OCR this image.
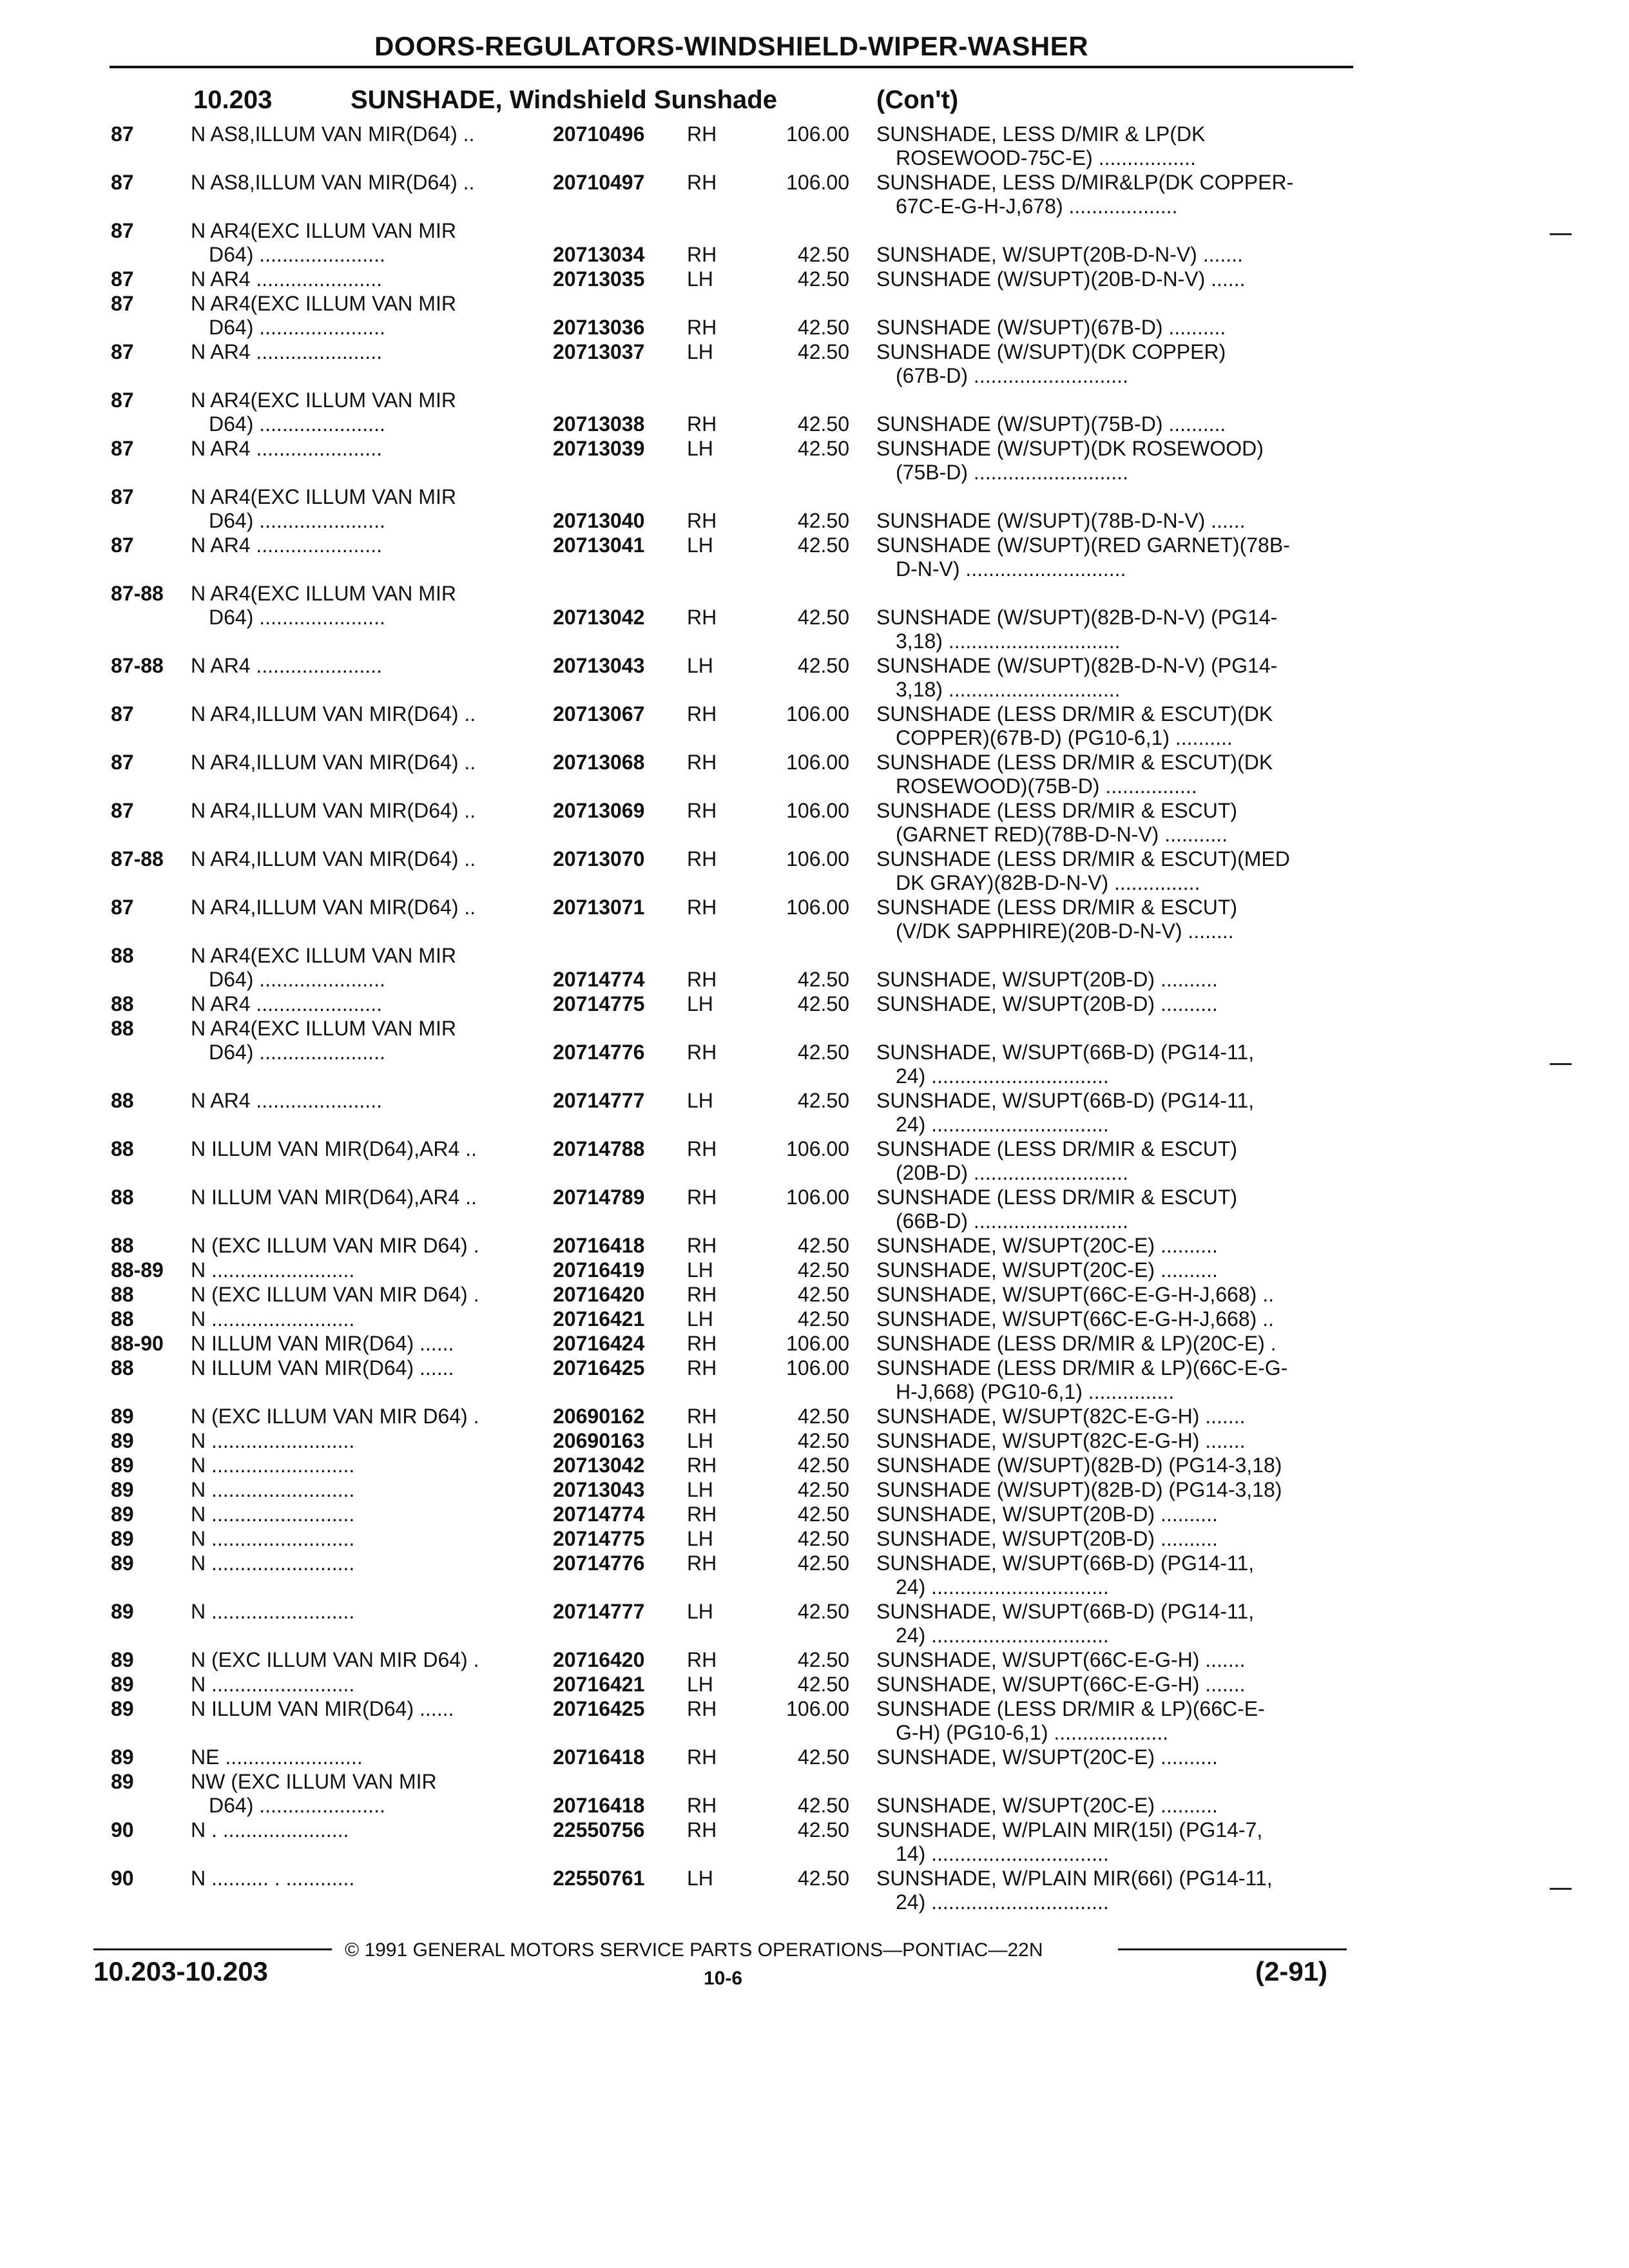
DOORS-REGULATORS-WINDSHIELD-WIPER-WASHER
10.203	SUNSHADE, Windshield Sunshade	(Con't)
87	N AS8,ILLUM VAN MIR(D64) ..	20710496 RH	106.00 SUNSHADE, LESS D/MIR & LP(DK
ROSEWOOD-75C-E) .................
87	N AS8,ILLUM VAN MIR(D64) ..	20710497 RH	106.00 SUNSHADE, LESS D/MIR&LP(DK COPPER-
67C-E-G-H-J,678) ...................
87	N AR4(EXC ILLUM VAN MIR
D64) ......................	20713034 RH	42.50 SUNSHADE, W/SUPT(20B-D-N-V) .......
87	N AR4 ......................	20713035 LH	42.50 SUNSHADE (W/SUPT)(20B-D-N-V) ......
87	N AR4(EXC ILLUM VAN MIR
D64) ......................	20713036 RH	42.50 SUNSHADE (W/SUPT)(67B-D) ..........
87	N AR4 ......................	20713037 LH	42.50 SUNSHADE (W/SUPT)(DK COPPER)
(67B-D) ...........................
87	N AR4(EXC ILLUM VAN MIR
D64) ......................	20713038 RH	42.50 SUNSHADE (W/SUPT)(75B-D) ..........
87	N AR4 ......................	20713039 LH	42.50 SUNSHADE (W/SUPT)(DK ROSEWOOD)
(75B-D) ...........................
87	N AR4(EXC ILLUM VAN MIR
D64) ......................	20713040 RH	42.50 SUNSHADE (W/SUPT)(78B-D-N-V) ......
87	N AR4 ......................	20713041 LH	42.50 SUNSHADE (W/SUPT)(RED GARNET)(78B-
D-N-V) ............................
87-88 N AR4(EXC ILLUM VAN MIR
D64) ......................	20713042 RH	42.50 SUNSHADE (W/SUPT)(82B-D-N-V) (PG14-
3,18) ..............................
87-88 N AR4 ......................	20713043 LH	42.50 SUNSHADE (W/SUPT)(82B-D-N-V) (PG14-
3,18) ..............................
87	N AR4,ILLUM VAN MIR(D64) ..	20713067 RH	106.00 SUNSHADE (LESS DR/MIR & ESCUT)(DK
COPPER)(67B-D) (PG10-6,1) ..........
87	N AR4,ILLUM VAN MIR(D64) ..	20713068 RH	106.00 SUNSHADE (LESS DR/MIR & ESCUT)(DK
ROSEWOOD)(75B-D) ................
87	N AR4,ILLUM VAN MIR(D64) ..	20713069 RH	106.00 SUNSHADE (LESS DR/MIR & ESCUT)
(GARNET RED)(78B-D-N-V) ...........
87-88 N AR4,ILLUM VAN MIR(D64) ..	20713070 RH	106.00 SUNSHADE (LESS DR/MIR & ESCUT)(MED
DK GRAY)(82B-D-N-V) ...............
87	N AR4,ILLUM VAN MIR(D64) ..	20713071 RH	106.00 SUNSHADE (LESS DR/MIR & ESCUT)
(V/DK SAPPHIRE)(20B-D-N-V) ........
88	N AR4(EXC ILLUM VAN MIR
D64) ......................	20714774 RH	42.50 SUNSHADE, W/SUPT(20B-D) ..........
88	N AR4 ......................	20714775 LH	42.50 SUNSHADE, W/SUPT(20B-D) ..........
88	N AR4(EXC ILLUM VAN MIR
D64) ......................	20714776 RH	42.50 SUNSHADE, W/SUPT(66B-D) (PG14-11,
24) ...............................
88	N AR4 ......................	20714777 LH	42.50 SUNSHADE, W/SUPT(66B-D) (PG14-11,
24) ...............................
88	N ILLUM VAN MIR(D64),AR4 ..	20714788 RH	106.00 SUNSHADE (LESS DR/MIR & ESCUT)
(20B-D) ...........................
88	N ILLUM VAN MIR(D64),AR4 ..	20714789 RH	106.00 SUNSHADE (LESS DR/MIR & ESCUT)
(66B-D) ...........................
88	N (EXC ILLUM VAN MIR D64) .	20716418 RH	42.50 SUNSHADE, W/SUPT(20C-E) ..........
88-89 N .........................	20716419 LH	42.50 SUNSHADE, W/SUPT(20C-E) ..........
88	N (EXC ILLUM VAN MIR D64) .	20716420 RH	42.50 SUNSHADE, W/SUPT(66C-E-G-H-J,668) ..
88	N .........................	20716421 LH	42.50 SUNSHADE, W/SUPT(66C-E-G-H-J,668) ..
88-90 N ILLUM VAN MIR(D64) ......	20716424 RH	106.00 SUNSHADE (LESS DR/MIR & LP)(20C-E) .
88	N ILLUM VAN MIR(D64) ......	20716425 RH	106.00 SUNSHADE (LESS DR/MIR & LP)(66C-E-G-
H-J,668) (PG10-6,1) ...............
89	N (EXC ILLUM VAN MIR D64) .	20690162 RH	42.50 SUNSHADE, W/SUPT(82C-E-G-H) .......
89	N .........................	20690163 LH	42.50 SUNSHADE, W/SUPT(82C-E-G-H) .......
89	N .........................	20713042 RH	42.50 SUNSHADE (W/SUPT)(82B-D) (PG14-3,18)
89	N .........................	20713043 LH	42.50 SUNSHADE (W/SUPT)(82B-D) (PG14-3,18)
89	N .........................	20714774 RH	42.50 SUNSHADE, W/SUPT(20B-D) ..........
89	N .........................	20714775 LH	42.50 SUNSHADE, W/SUPT(20B-D) ..........
89	N .........................	20714776 RH	42.50 SUNSHADE, W/SUPT(66B-D) (PG14-11,
24) ...............................
89	N .........................	20714777 LH	42.50 SUNSHADE, W/SUPT(66B-D) (PG14-11,
24) ...............................
89	N (EXC ILLUM VAN MIR D64) .	20716420 RH	42.50 SUNSHADE, W/SUPT(66C-E-G-H) .......
89	N .........................	20716421 LH	42.50 SUNSHADE, W/SUPT(66C-E-G-H) .......
89	N ILLUM VAN MIR(D64) ......	20716425 RH	106.00 SUNSHADE (LESS DR/MIR & LP)(66C-E-
G-H) (PG10-6,1) ....................
89	NE ........................	20716418 RH	42.50 SUNSHADE, W/SUPT(20C-E) ..........
89	NW (EXC ILLUM VAN MIR
D64) ......................	20716418 RH	42.50 SUNSHADE, W/SUPT(20C-E) ..........
90	N . ......................	22550756 RH	42.50 SUNSHADE, W/PLAIN MIR(15I) (PG14-7,
14) ...............................
90	N .......... . ............	22550761 LH	42.50 SUNSHADE, W/PLAIN MIR(66I) (PG14-11,
24) ...............................
© 1991 GENERAL MOTORS SERVICE PARTS OPERATIONS—PONTIAC—22N
10.203-10.203	10-6	(2-91)
